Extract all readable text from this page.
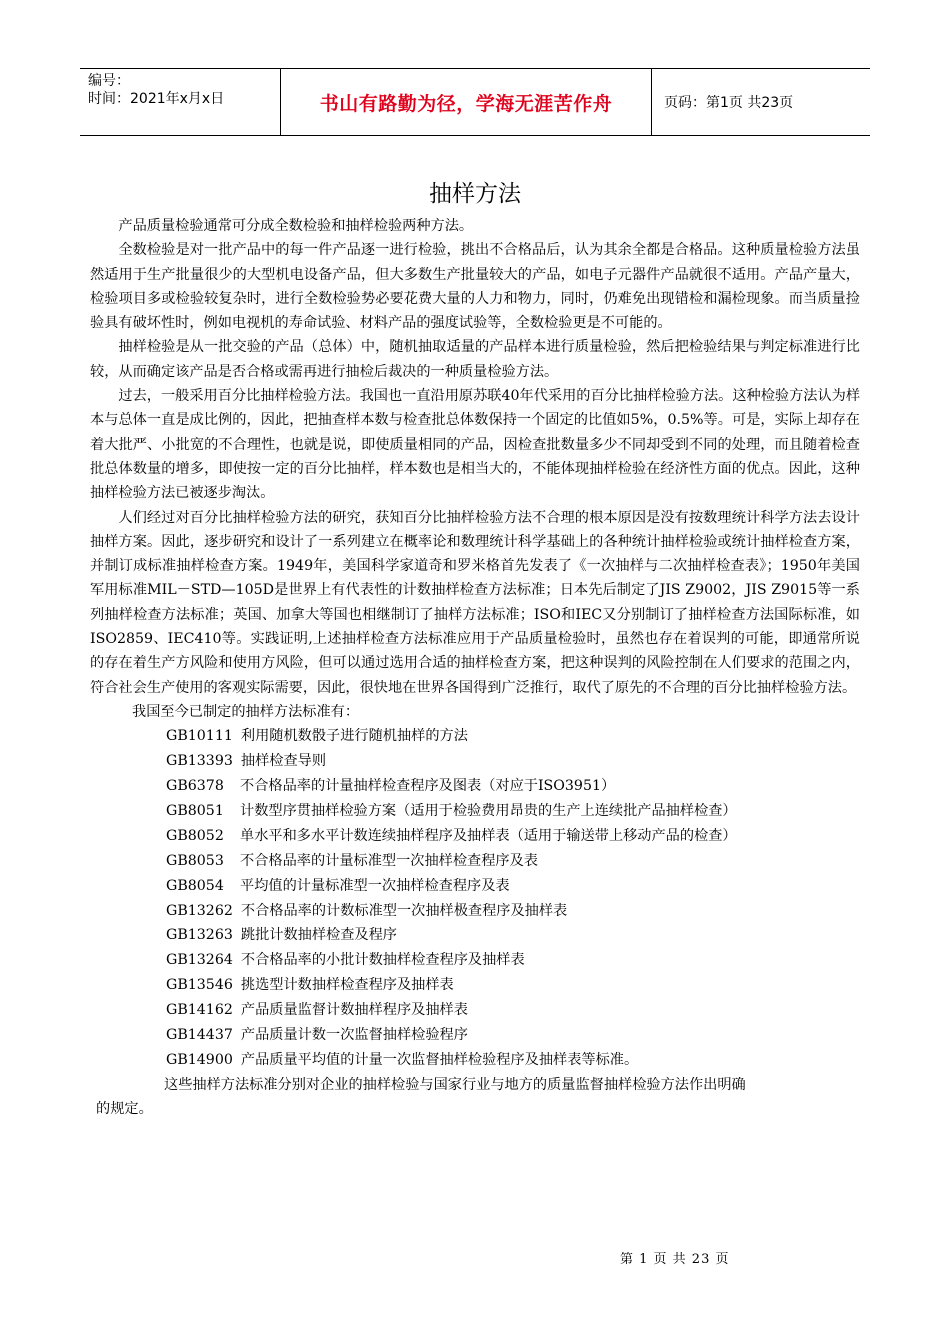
编号：
时间：2021年x月x日	书山有路勤为径，学海无涯苦作舟	页码：第1页 共23页
抽样方法

产品质量检验通常可分成全数检验和抽样检验两种方法。

全数检验是对一批产品中的每一件产品逐一进行检验，挑出不合格品后，认为其余全都是合格品。这种质量检验方法虽然适用于生产批量很少的大型机电设备产品，但大多数生产批量较大的产品，如电子元器件产品就很不适用。产品产量大，检验项目多或检验较复杂时，进行全数检验势必要花费大量的人力和物力，同时，仍难免出现错检和漏检现象。而当质量捡验具有破坏性时，例如电视机的寿命试验、材料产品的强度试验等，全数检验更是不可能的。

抽样检验是从一批交验的产品（总体）中，随机抽取适量的产品样本进行质量检验，然后把检验结果与判定标准进行比较，从而确定该产品是否合格或需再进行抽检后裁决的一种质量检验方法。

过去，一般采用百分比抽样检验方法。我国也一直沿用原苏联40年代采用的百分比抽样检验方法。这种检验方法认为样本与总体一直是成比例的，因此，把抽查样本数与检查批总体数保持一个固定的比值如5%，0.5%等。可是，实际上却存在着大批严、小批宽的不合理性，也就是说，即使质量相同的产品，因检查批数量多少不同却受到不同的处理，而且随着检查批总体数量的增多，即使按一定的百分比抽样，样本数也是相当大的，不能体现抽样检验在经济性方面的优点。因此，这种抽样检验方法已被逐步淘汰。

人们经过对百分比抽样检验方法的研究，获知百分比抽样检验方法不合理的根本原因是没有按数理统计科学方法去设计抽样方案。因此，逐步研究和设计了一系列建立在概率论和数理统计科学基础上的各种统计抽样检验或统计抽样检查方案，并制订成标准抽样检查方案。1949年，美国科学家道奇和罗米格首先发表了《一次抽样与二次抽样检查表》；1950年美国军用标准MIL－STD—105D是世界上有代表性的计数抽样检查方法标准；日本先后制定了JIS Z9002，JIS Z9015等一系列抽样检查方法标准；英国、加拿大等国也相继制订了抽样方法标准；ISO和IEC又分别制订了抽样检查方法国际标准，如ISO2859、IEC410等。实践证明,上述抽样检查方法标准应用于产品质量检验时，虽然也存在着误判的可能，即通常所说的存在着生产方风险和使用方风险，但可以通过选用合适的抽样检查方案，把这种误判的风险控制在人们要求的范围之内，符合社会生产使用的客观实际需要，因此，很快地在世界各国得到广泛推行，取代了原先的不合理的百分比抽样检验方法。

我国至今已制定的抽样方法标准有：
GB10111 利用随机数骰子进行随机抽样的方法
GB13393 抽样检查导则
GB6378 不合格品率的计量抽样检查程序及图表（对应于ISO3951）
GB8051 计数型序贯抽样检验方案（适用于检验费用昂贵的生产上连续批产品抽样检查）
GB8052 单水平和多水平计数连续抽样程序及抽样表（适用于输送带上移动产品的检查）
GB8053 不合格品率的计量标准型一次抽样检查程序及表
GB8054 平均值的计量标准型一次抽样检查程序及表
GB13262 不合格品率的计数标准型一次抽样极查程序及抽样表
GB13263 跳批计数抽样检查及程序
GB13264 不合格品率的小批计数抽样检查程序及抽样表
GB13546 挑选型计数抽样检查程序及抽样表
GB14162 产品质量监督计数抽样程序及抽样表
GB14437 产品质量计数一次监督抽样检验程序
GB14900 产品质量平均值的计量一次监督抽样检验程序及抽样表等标准。
这些抽样方法标准分别对企业的抽样检验与国家行业与地方的质量监督抽样检验方法作出明确
的规定。
第 1 页 共 23 页
